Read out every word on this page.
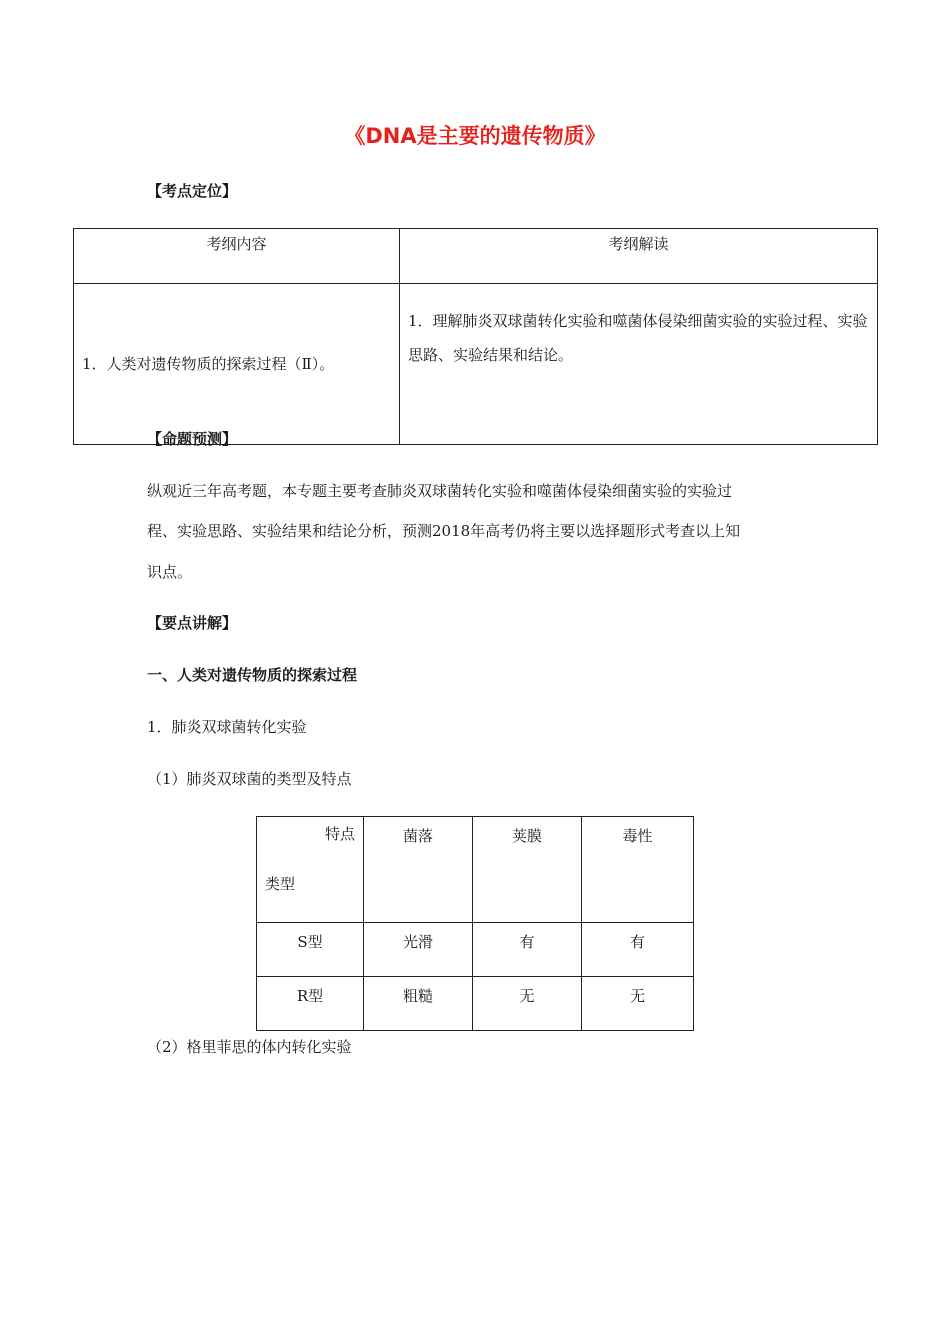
《DNA是主要的遗传物质》
【考点定位】
考纲内容	考纲解读
1．人类对遗传物质的探索过程（Ⅱ）。	1．理解肺炎双球菌转化实验和噬菌体侵染细菌实验的实验过程、实验思路、实验结果和结论。
【命题预测】
纵观近三年高考题，本专题主要考查肺炎双球菌转化实验和噬菌体侵染细菌实验的实验过
程、实验思路、实验结果和结论分析，预测2018年高考仍将主要以选择题形式考查以上知
识点。
【要点讲解】
一、人类对遗传物质的探索过程
1．肺炎双球菌转化实验
（1）肺炎双球菌的类型及特点
特点
类型	菌落	荚膜	毒性
S型	光滑	有	有
R型	粗糙	无	无
（2）格里菲思的体内转化实验
